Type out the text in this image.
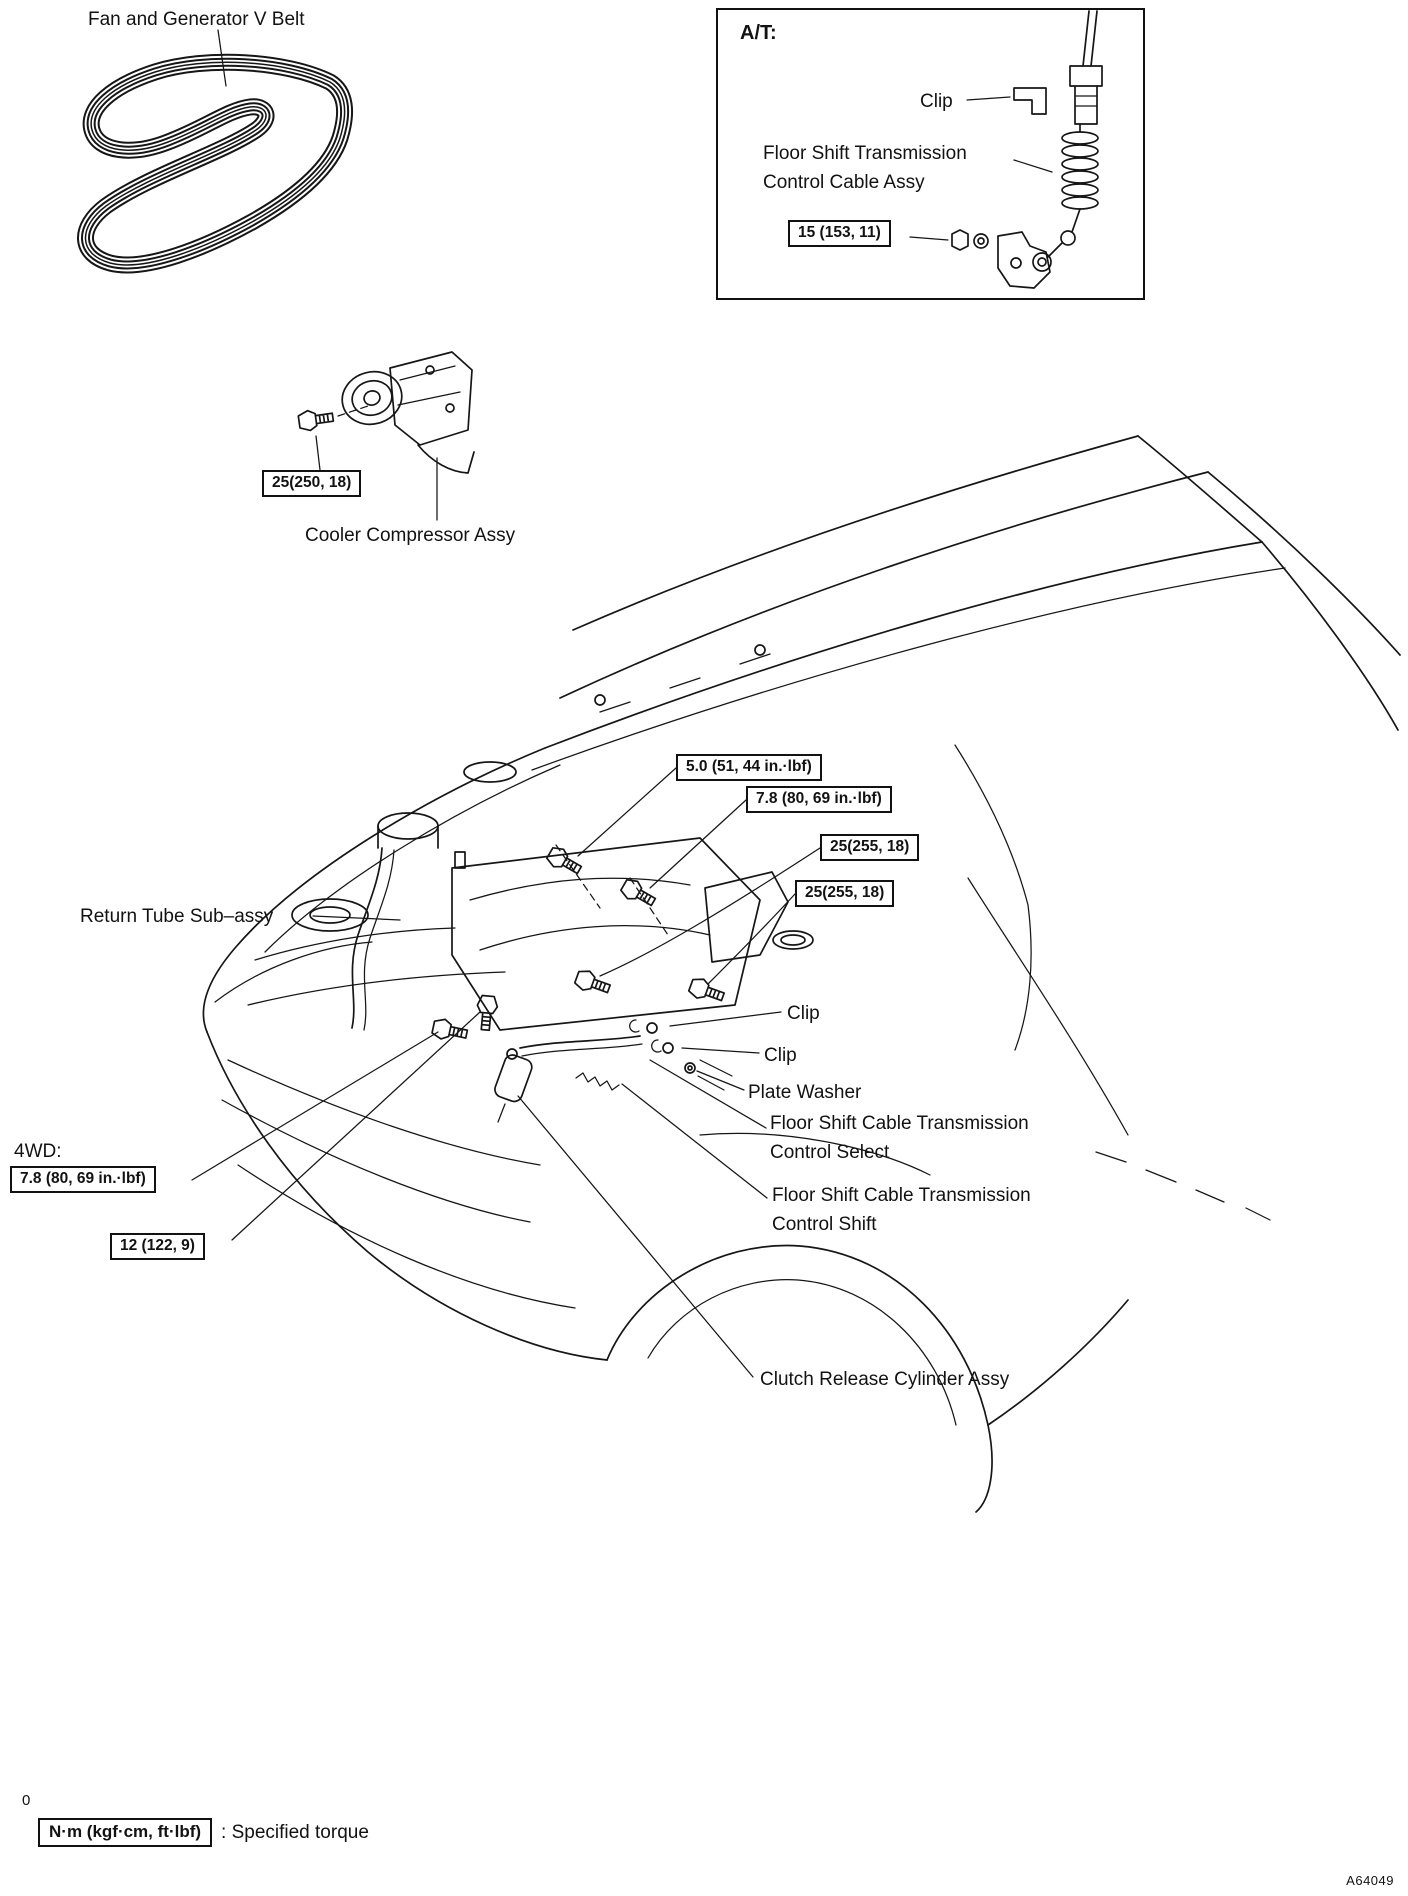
Fan and Generator V Belt
A/T:
Clip
Floor Shift Transmission
Control Cable Assy
15 (153, 11)
25(250, 18)
Cooler Compressor Assy
5.0 (51, 44 in.·lbf)
7.8 (80, 69 in.·lbf)
25(255, 18)
25(255, 18)
Return Tube Sub–assy
Clip
Clip
Plate Washer
Floor Shift Cable Transmission
Control Select
Floor Shift Cable Transmission
Control Shift
4WD:
7.8 (80, 69 in.·lbf)
12 (122, 9)
Clutch Release Cylinder Assy
0
N·m (kgf·cm, ft·lbf)	: Specified torque
A64049
